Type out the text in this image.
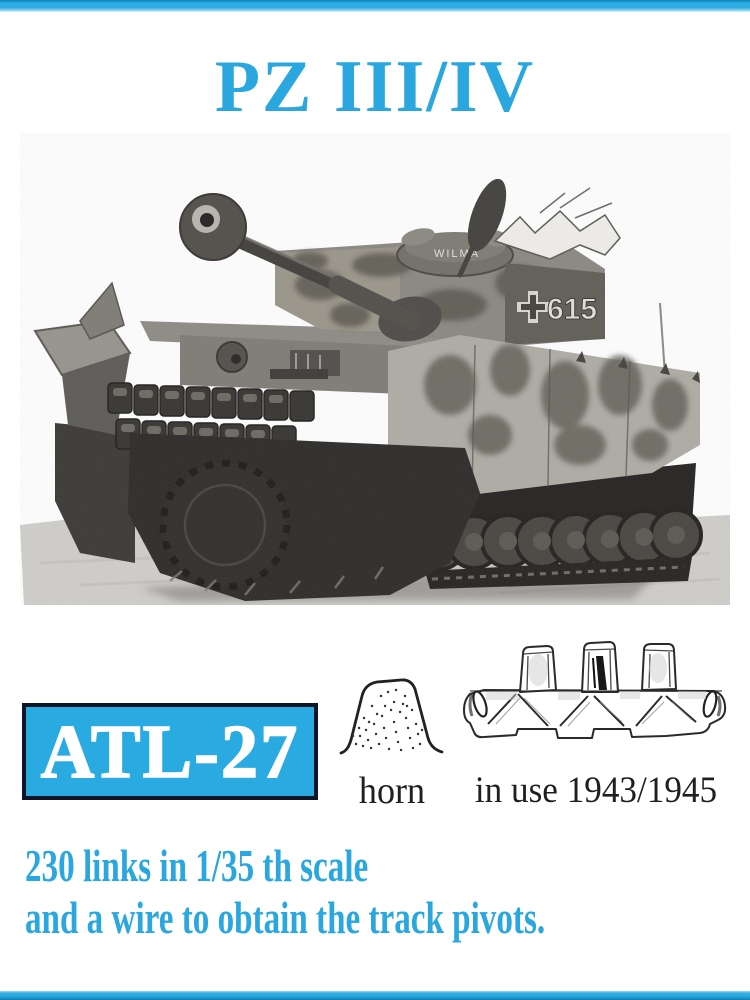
PZ III/IV
ATL-27	horn	in use 1943/1945
230 links in 1/35 th scale
and a wire to obtain the track pivots.
